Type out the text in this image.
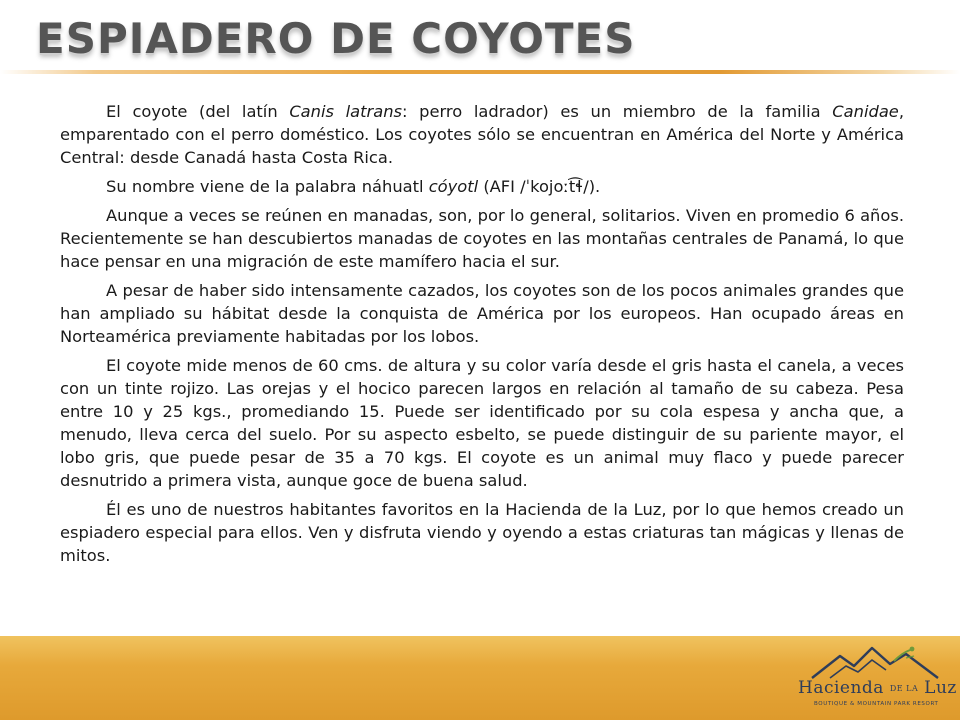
ESPIADERO DE COYOTES

El coyote (del latín Canis latrans: perro ladrador) es un miembro de la familia Canidae, emparentado con el perro doméstico. Los coyotes sólo se encuentran en América del Norte y América Central: desde Canadá hasta Costa Rica.

Su nombre viene de la palabra náhuatl cóyotl (AFI /ˈkojoːt͡ɬ/).

Aunque a veces se reúnen en manadas, son, por lo general, solitarios. Viven en promedio 6 años. Recientemente se han descubiertos manadas de coyotes en las montañas centrales de Panamá, lo que hace pensar en una migración de este mamífero hacia el sur.

A pesar de haber sido intensamente cazados, los coyotes son de los pocos animales grandes que han ampliado su hábitat desde la conquista de América por los europeos. Han ocupado áreas en Norteamérica previamente habitadas por los lobos.

El coyote mide menos de 60 cms. de altura y su color varía desde el gris hasta el canela, a veces con un tinte rojizo. Las orejas y el hocico parecen largos en relación al tamaño de su cabeza. Pesa entre 10 y 25 kgs., promediando 15. Puede ser identificado por su cola espesa y ancha que, a menudo, lleva cerca del suelo. Por su aspecto esbelto, se puede distinguir de su pariente mayor, el lobo gris, que puede pesar de 35 a 70 kgs. El coyote es un animal muy flaco y puede parecer desnutrido a primera vista, aunque goce de buena salud.

Él es uno de nuestros habitantes favoritos en la Hacienda de la Luz, por lo que hemos creado un espiadero especial para ellos. Ven y disfruta viendo y oyendo a estas criaturas tan mágicas y llenas de mitos.

Hacienda DE LA Luz
BOUTIQUE & MOUNTAIN PARK RESORT
